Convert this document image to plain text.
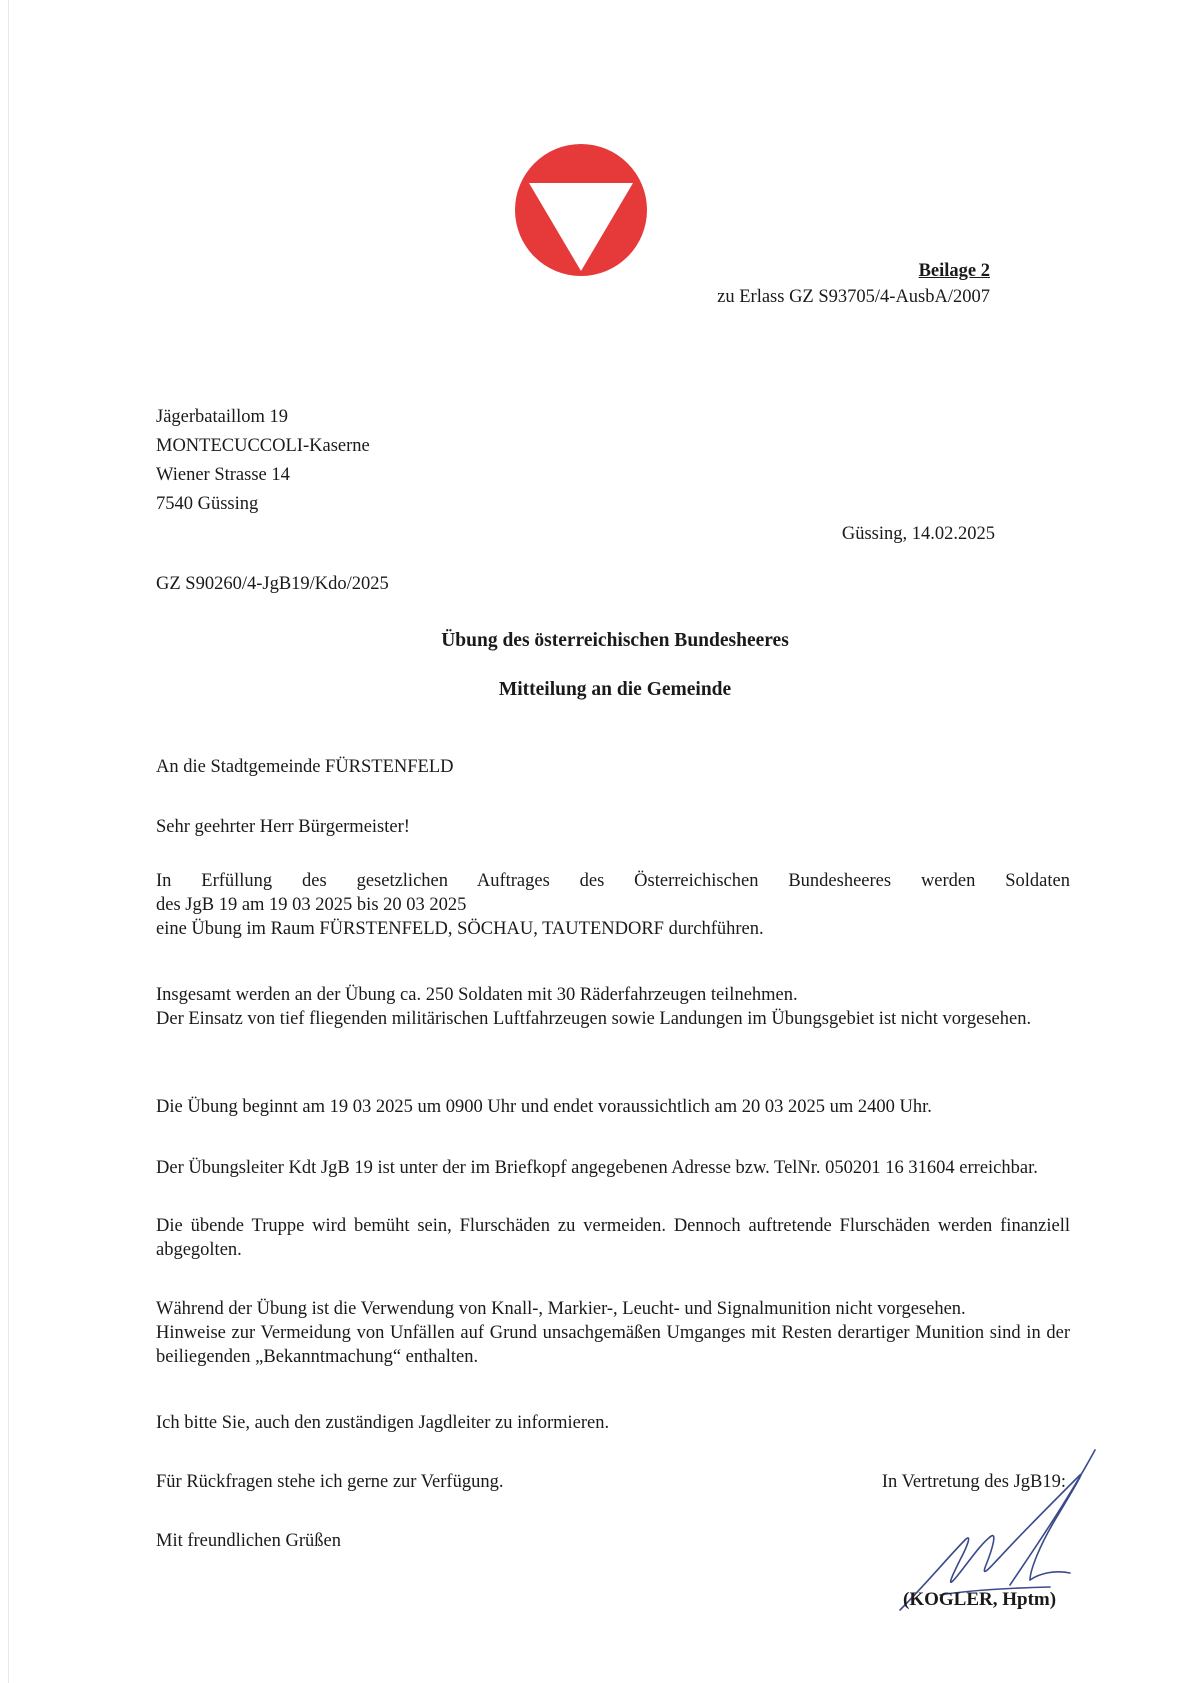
Beilage 2
zu Erlass GZ S93705/4-AusbA/2007
Jägerbataillom 19
MONTECUCCOLI-Kaserne
Wiener Strasse 14
7540 Güssing
Güssing, 14.02.2025
GZ S90260/4-JgB19/Kdo/2025
Übung des österreichischen Bundesheeres
Mitteilung an die Gemeinde
An die Stadtgemeinde FÜRSTENFELD
Sehr geehrter Herr Bürgermeister!
In Erfüllung des gesetzlichen Auftrages des Österreichischen Bundesheeres werden Soldaten
des JgB 19 am 19 03 2025 bis 20 03 2025
eine Übung im Raum FÜRSTENFELD, SÖCHAU, TAUTENDORF durchführen.
Insgesamt werden an der Übung ca. 250 Soldaten mit 30 Räderfahrzeugen teilnehmen.
Der Einsatz von tief fliegenden militärischen Luftfahrzeugen sowie Landungen im Übungsgebiet ist nicht vorgesehen.
Die Übung beginnt am 19 03 2025 um 0900 Uhr und endet voraussichtlich am 20 03 2025 um 2400 Uhr.
Der Übungsleiter Kdt JgB 19 ist unter der im Briefkopf angegebenen Adresse bzw. TelNr. 050201 16 31604 erreichbar.
Die übende Truppe wird bemüht sein, Flurschäden zu vermeiden. Dennoch auftretende Flurschäden werden finanziell abgegolten.
Während der Übung ist die Verwendung von Knall-, Markier-, Leucht- und Signalmunition nicht vorgesehen.
Hinweise zur Vermeidung von Unfällen auf Grund unsachgemäßen Umganges mit Resten derartiger Munition sind in der beiliegenden „Bekanntmachung“ enthalten.
Ich bitte Sie, auch den zuständigen Jagdleiter zu informieren.
Für Rückfragen stehe ich gerne zur Verfügung.	In Vertretung des JgB19:
Mit freundlichen Grüßen
(KOGLER, Hptm)
